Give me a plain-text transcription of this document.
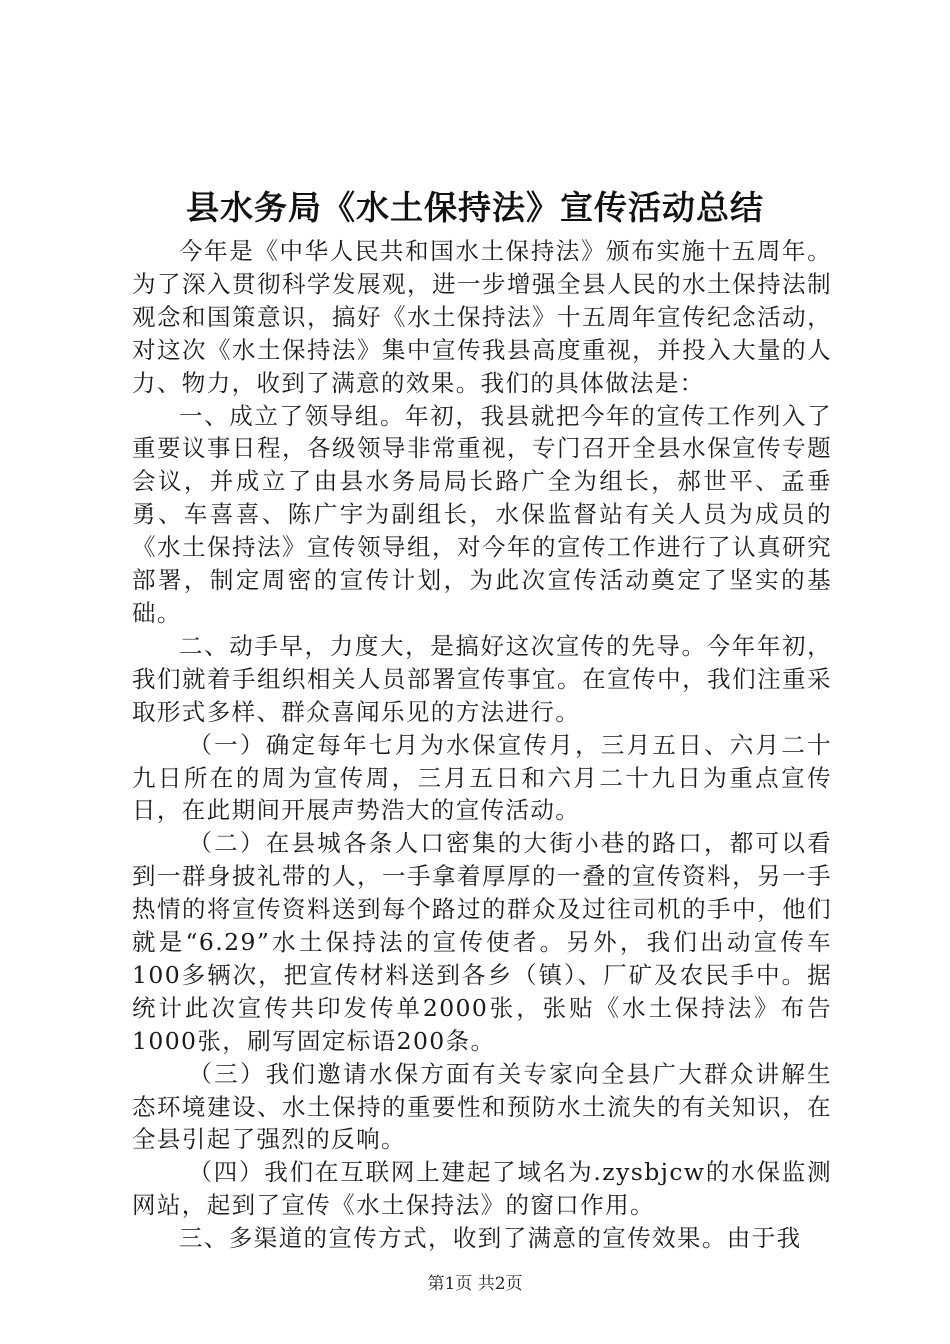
县水务局《水土保持法》宣传活动总结

今年是《中华人民共和国水土保持法》颁布实施十五周年。为了深入贯彻科学发展观，进一步增强全县人民的水土保持法制观念和国策意识，搞好《水土保持法》十五周年宣传纪念活动，对这次《水土保持法》集中宣传我县高度重视，并投入大量的人力、物力，收到了满意的效果。我们的具体做法是：

一、成立了领导组。年初，我县就把今年的宣传工作列入了重要议事日程，各级领导非常重视，专门召开全县水保宣传专题会议，并成立了由县水务局局长路广全为组长，郝世平、孟垂勇、车喜喜、陈广宇为副组长，水保监督站有关人员为成员的《水土保持法》宣传领导组，对今年的宣传工作进行了认真研究部署，制定周密的宣传计划，为此次宣传活动奠定了坚实的基础。

二、动手早，力度大，是搞好这次宣传的先导。今年年初，我们就着手组织相关人员部署宣传事宜。在宣传中，我们注重采取形式多样、群众喜闻乐见的方法进行。

（一）确定每年七月为水保宣传月，三月五日、六月二十九日所在的周为宣传周，三月五日和六月二十九日为重点宣传日，在此期间开展声势浩大的宣传活动。

（二）在县城各条人口密集的大街小巷的路口，都可以看到一群身披礼带的人，一手拿着厚厚的一叠的宣传资料，另一手热情的将宣传资料送到每个路过的群众及过往司机的手中，他们就是“6.29”水土保持法的宣传使者。另外，我们出动宣传车100多辆次，把宣传材料送到各乡（镇）、厂矿及农民手中。据统计此次宣传共印发传单2000张，张贴《水土保持法》布告1000张，刷写固定标语200条。

（三）我们邀请水保方面有关专家向全县广大群众讲解生态环境建设、水土保持的重要性和预防水土流失的有关知识，在全县引起了强烈的反响。

（四）我们在互联网上建起了域名为.zysbjcw的水保监测网站，起到了宣传《水土保持法》的窗口作用。

三、多渠道的宣传方式，收到了满意的宣传效果。由于我

第1页 共2页
